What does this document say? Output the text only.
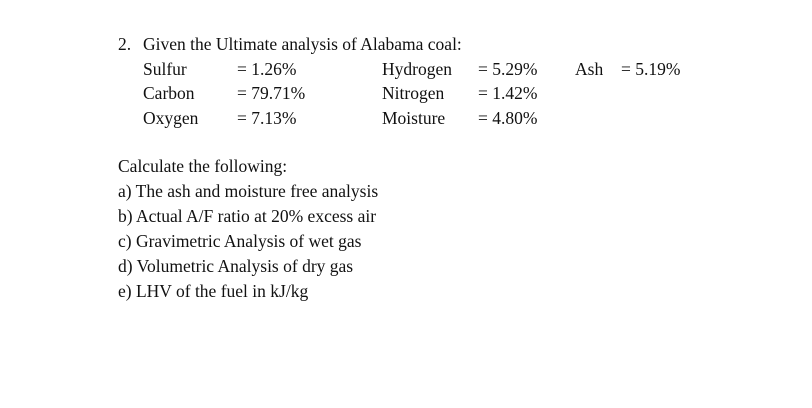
2. Given the Ultimate analysis of Alabama coal:
Sulfur	= 1.26%
Carbon = 79.71%
Oxygen = 7.13%
Hydrogen = 5.29%
Nitrogen = 1.42%
Moisture = 4.80%
Ash = 5.19%
Calculate the following:
a) The ash and moisture free analysis
b) Actual A/F ratio at 20% excess air
c) Gravimetric Analysis of wet gas
d) Volumetric Analysis of dry gas
e) LHV of the fuel in kJ/kg
